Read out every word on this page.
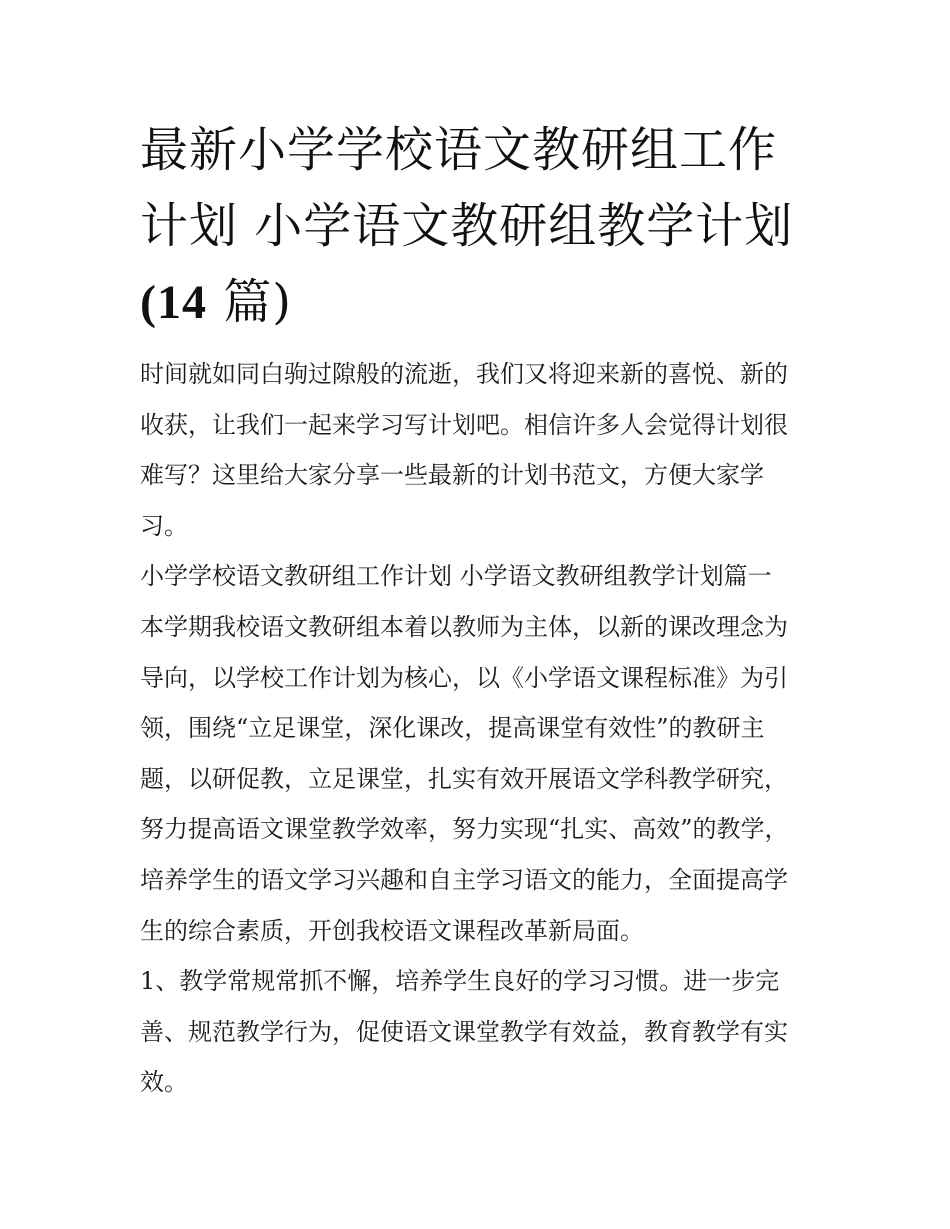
最新小学学校语文教研组工作
计划 小学语文教研组教学计划
(14 篇)

时间就如同白驹过隙般的流逝，我们又将迎来新的喜悦、新的
收获，让我们一起来学习写计划吧。相信许多人会觉得计划很
难写？这里给大家分享一些最新的计划书范文，方便大家学
习。

小学学校语文教研组工作计划 小学语文教研组教学计划篇一

本学期我校语文教研组本着以教师为主体，以新的课改理念为
导向，以学校工作计划为核心，以《小学语文课程标准》为引
领，围绕“立足课堂，深化课改，提高课堂有效性”的教研主
题，以研促教，立足课堂，扎实有效开展语文学科教学研究，
努力提高语文课堂教学效率，努力实现“扎实、高效”的教学，
培养学生的语文学习兴趣和自主学习语文的能力，全面提高学
生的综合素质，开创我校语文课程改革新局面。

1、教学常规常抓不懈，培养学生良好的学习习惯。进一步完
善、规范教学行为，促使语文课堂教学有效益，教育教学有实
效。
